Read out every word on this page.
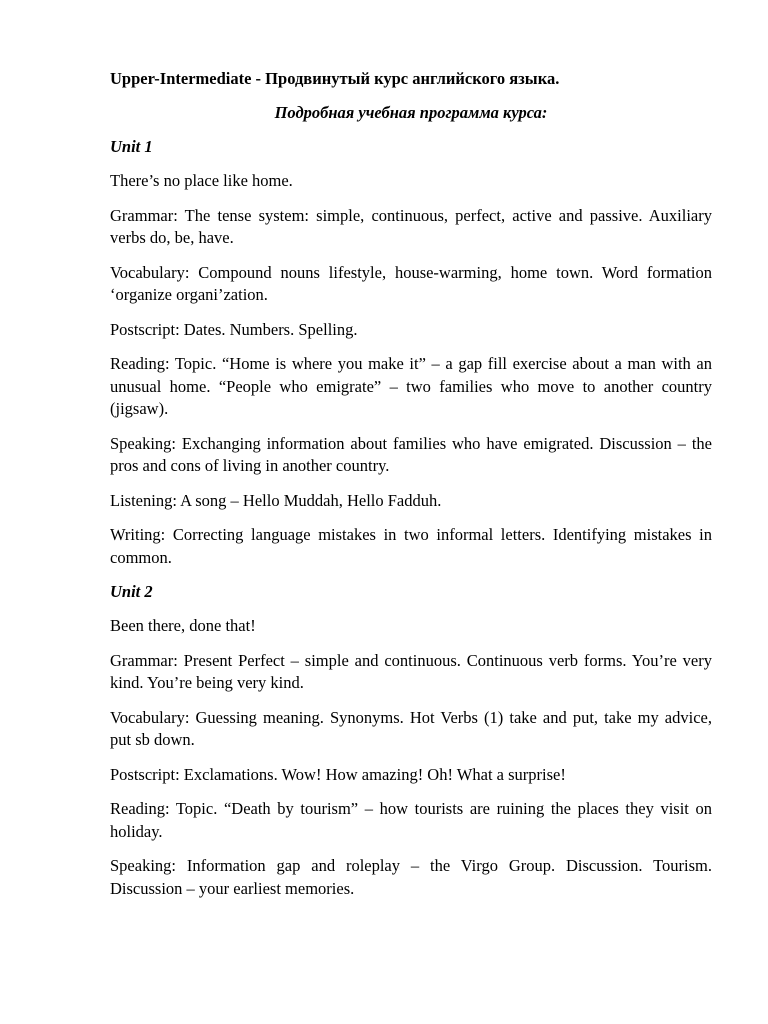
Upper-Intermediate - Продвинутый курс английского языка.
Подробная учебная программа курса:
Unit 1
There’s no place like home.
Grammar: The tense system: simple, continuous, perfect, active and passive. Auxiliary verbs do, be, have.
Vocabulary: Compound nouns lifestyle, house-warming, home town. Word formation ‘organize organi’zation.
Postscript: Dates. Numbers. Spelling.
Reading: Topic. “Home is where you make it” – a gap fill exercise about a man with an unusual home. “People who emigrate” – two families who move to another country (jigsaw).
Speaking: Exchanging information about families who have emigrated. Discussion – the pros and cons of living in another country.
Listening: A song – Hello Muddah, Hello Fadduh.
Writing: Correcting language mistakes in two informal letters. Identifying mistakes in common.
Unit 2
Been there, done that!
Grammar: Present Perfect – simple and continuous. Continuous verb forms. You’re very kind. You’re being very kind.
Vocabulary: Guessing meaning. Synonyms. Hot Verbs (1) take and put, take my advice, put sb down.
Postscript: Exclamations. Wow! How amazing! Oh! What a surprise!
Reading: Topic. “Death by tourism” – how tourists are ruining the places they visit on holiday.
Speaking: Information gap and roleplay – the Virgo Group. Discussion. Tourism. Discussion – your earliest memories.
